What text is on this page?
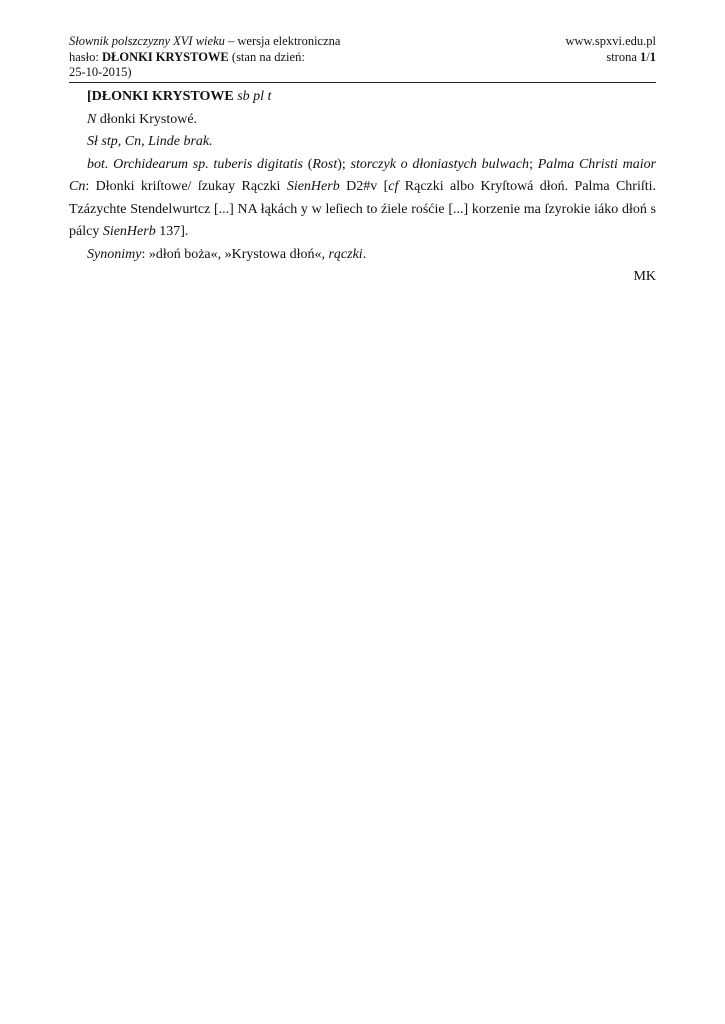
Słownik polszczyzny XVI wieku – wersja elektroniczna	www.spxvi.edu.pl
hasło: DŁONKI KRYSTOWE (stan na dzień:	strona 1/1
25-10-2015)

[DŁONKI KRYSTOWE sb pl t

N dłonki Krystowé.

Sł stp, Cn, Linde brak.

bot. Orchidearum sp. tuberis digitatis (Rost); storczyk o dłoniastych bulwach; Palma Christi maior Cn: Dłonki kriſtowe/ ſzukay Rączki SienHerb D2#v [cf Rączki albo Kryſtowá dłoń. Palma Chriſti. Tzázychte Stendelwurtcz [...] NA łąkách y w leſiech to źiele rośćie [...] korzenie ma ſzyrokie iáko dłoń s pálcy SienHerb 137].

Synonimy: »dłoń boża«, »Krystowa dłoń«, rączki.

MK
